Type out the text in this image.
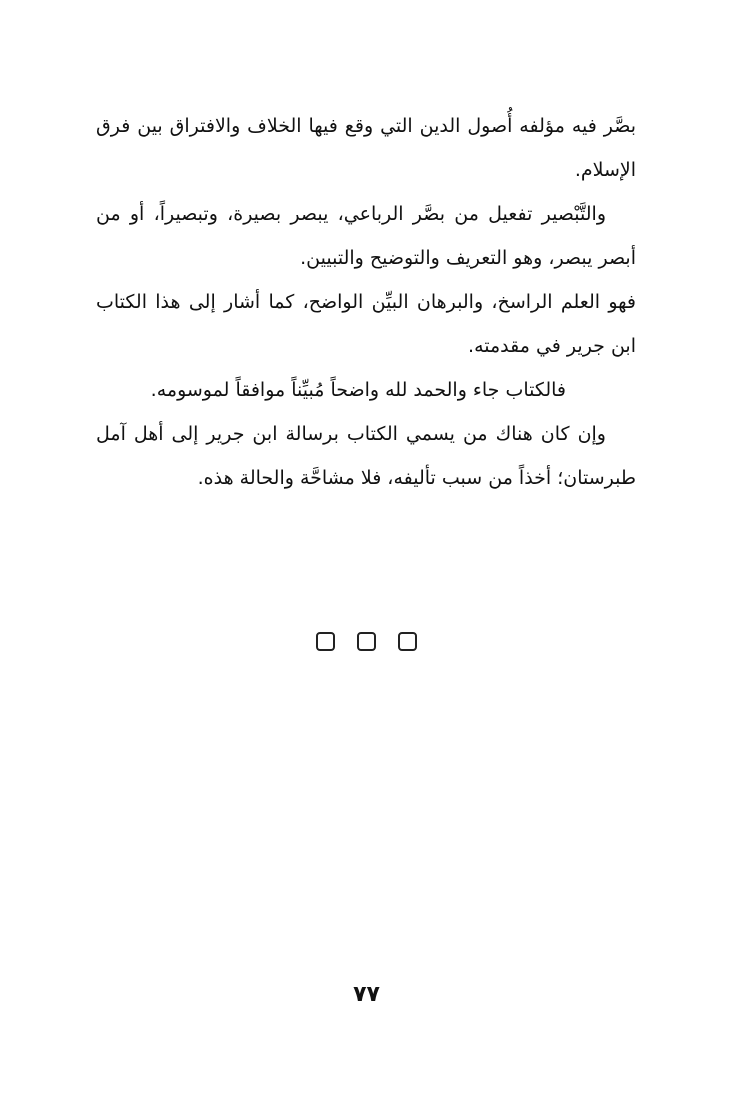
بصَّر فيه مؤلفه أُصول الدين التي وقع فيها الخلاف والافتراق بين فرق الإسلام.

والتَّبْصير تفعيل من بصَّر الرباعي، يبصر بصيرة، وتبصيراً، أو من أبصر يبصر، وهو التعريف والتوضيح والتبيين.

فهو العلم الراسخ، والبرهان البيِّن الواضح، كما أشار إلى هذا الكتاب ابن جرير في مقدمته.

فالكتاب جاء والحمد لله واضحاً مُبيِّناً موافقاً لموسومه.

وإن كان هناك من يسمي الكتاب برسالة ابن جرير إلى أهل آمل طبرستان؛ أخذاً من سبب تأليفه، فلا مشاحَّة والحالة هذه.

٧٧
